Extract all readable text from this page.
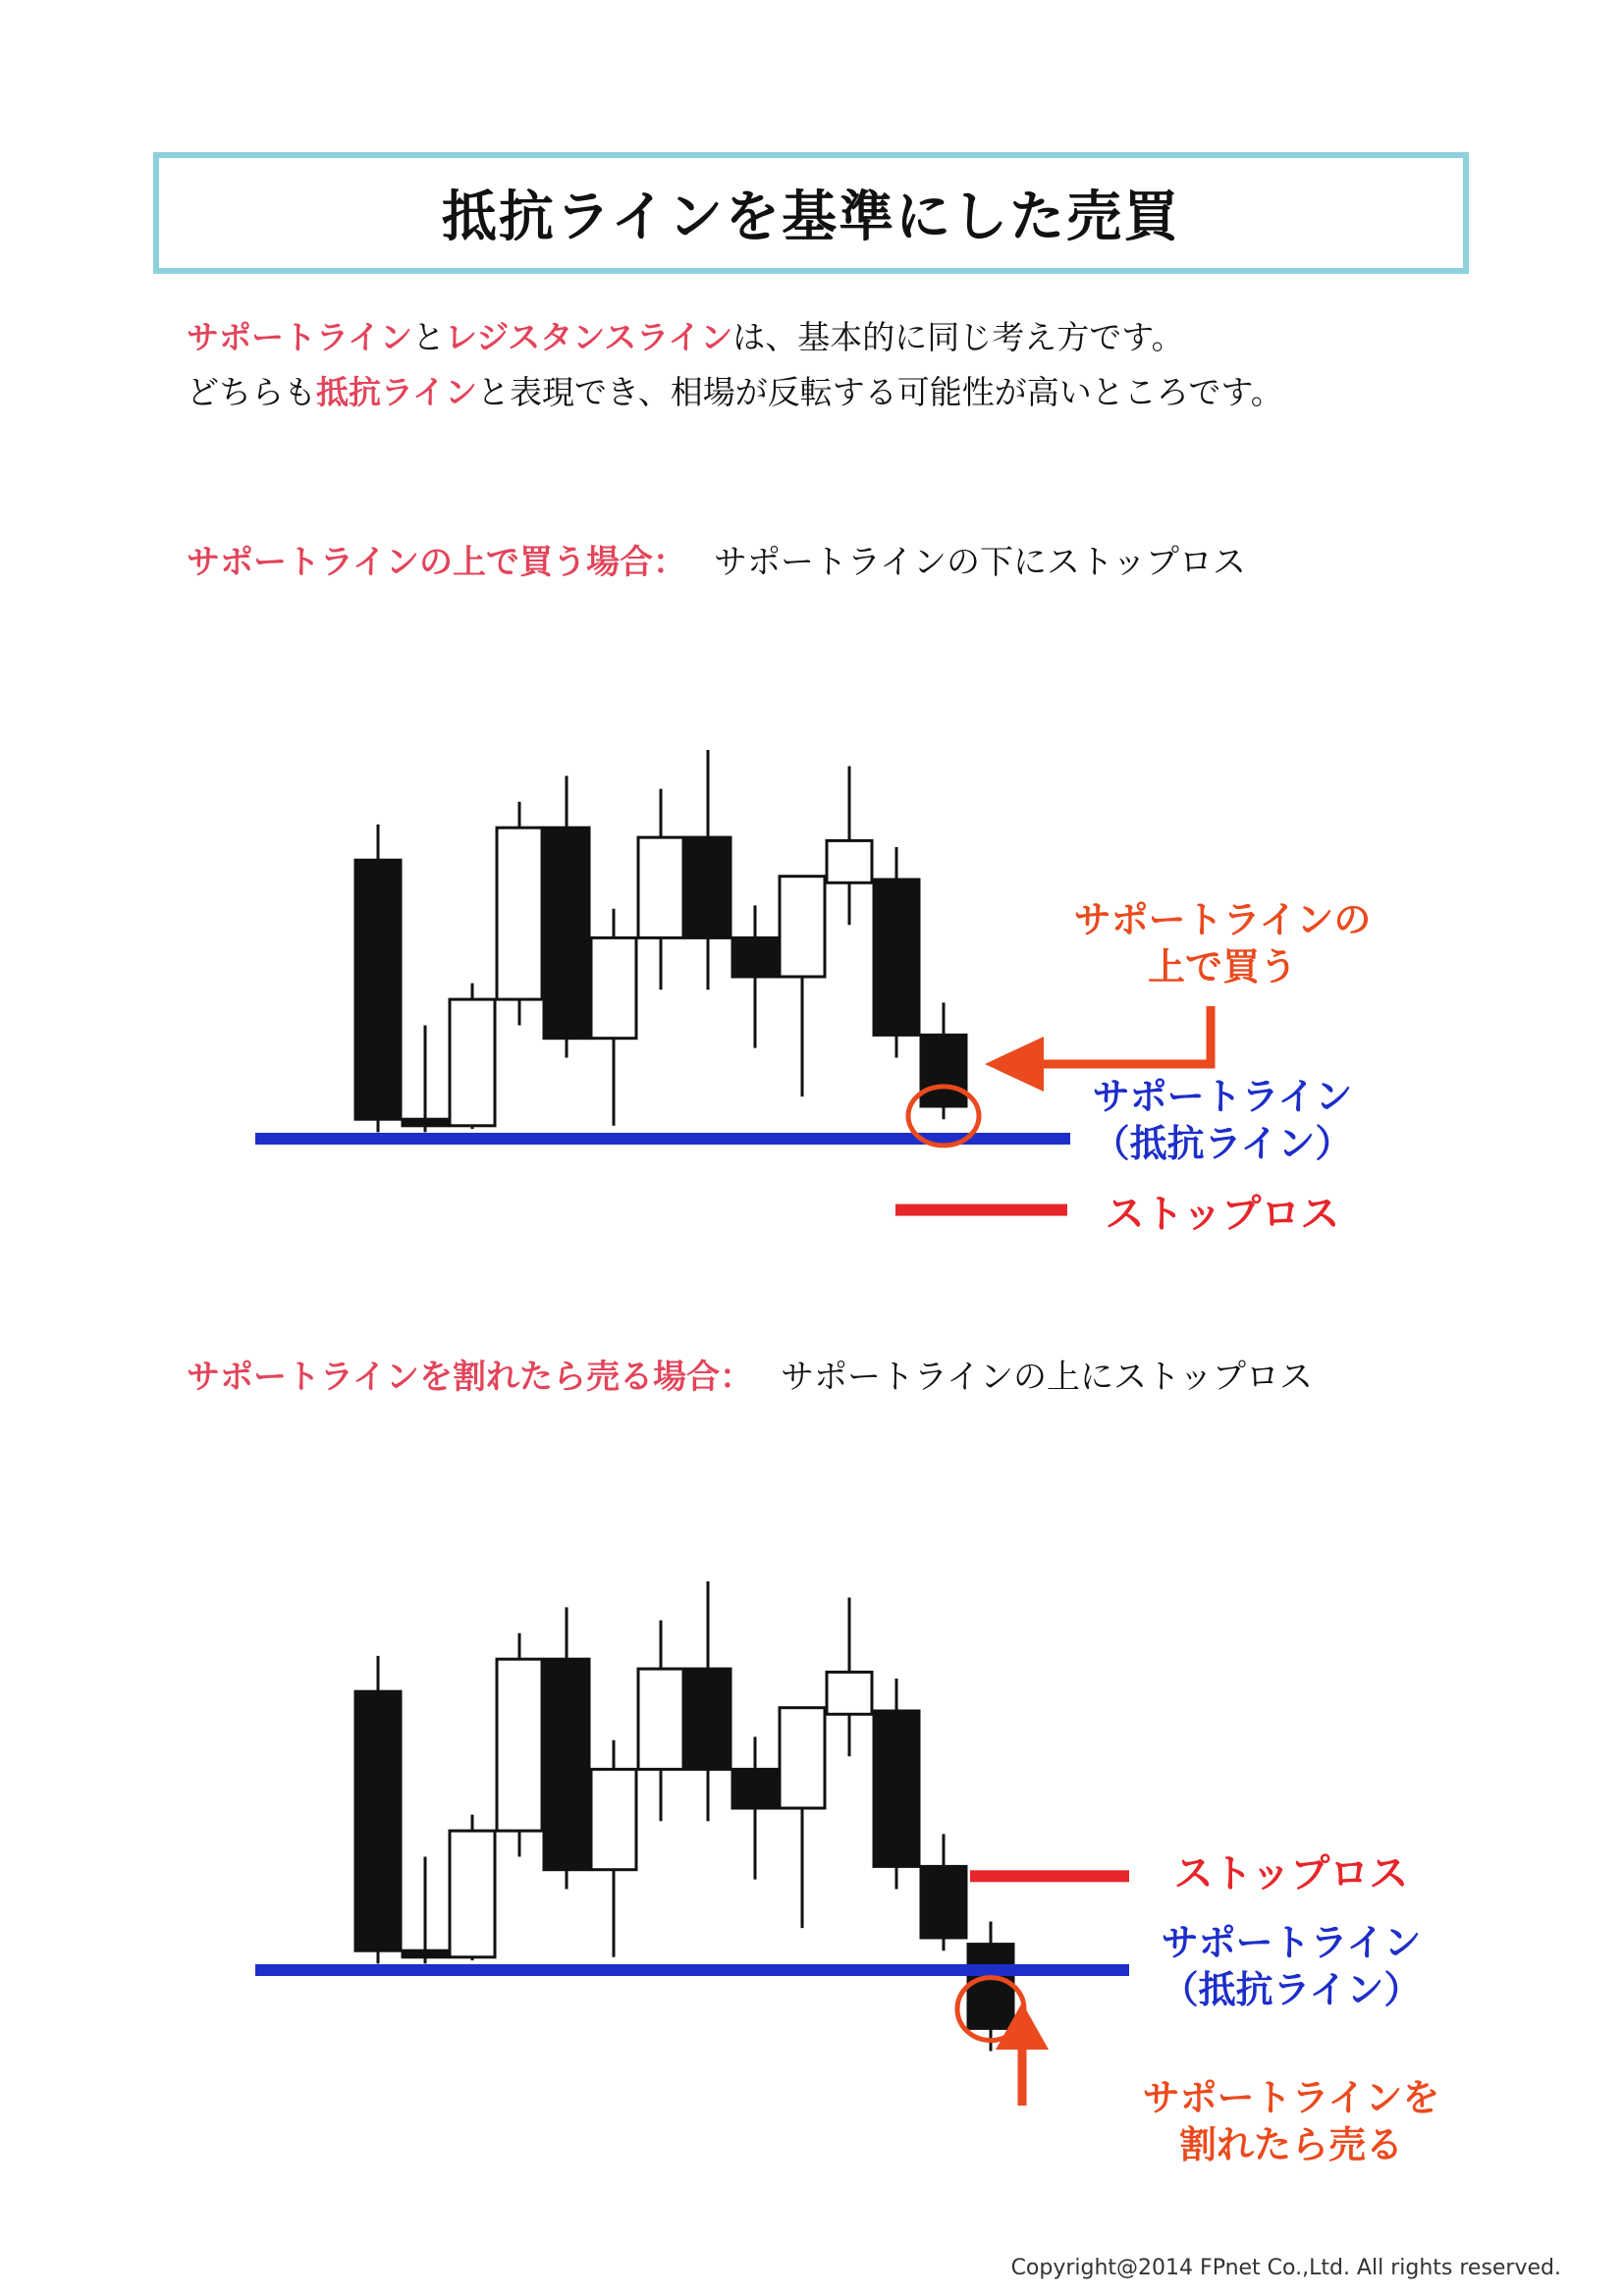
抵抗ラインを基準にした売買
サポートラインとレジスタンスラインは、基本的に同じ考え方です。
どちらも抵抗ラインと表現でき、相場が反転する可能性が高いところです。
サポートラインの上で買う場合： サポートラインの下にストップロス
サポートラインの
上で買う
サポートライン
（抵抗ライン）
ストップロス
サポートラインを割れたら売る場合： サポートラインの上にストップロス
ストップロス
サポートライン
（抵抗ライン）
サポートラインを
割れたら売る
Copyright@2014 FPnet Co.,Ltd. All rights reserved.
